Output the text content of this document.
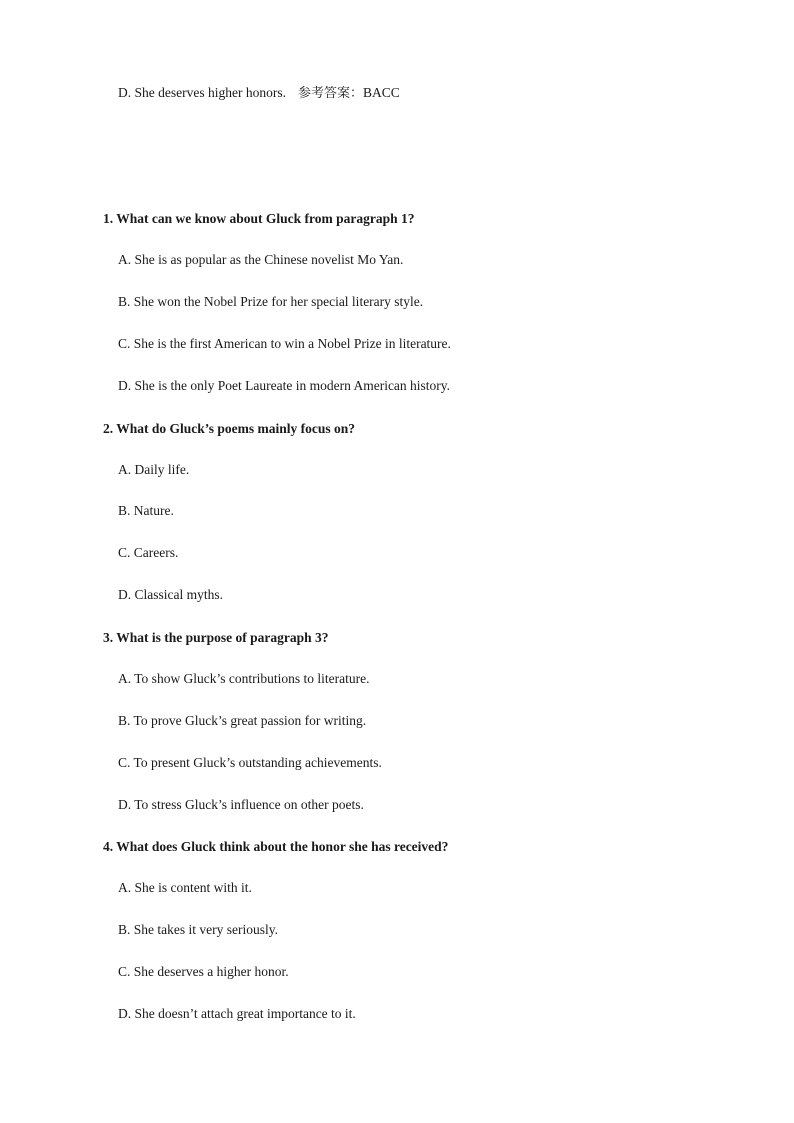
D. She deserves higher honors. 参考答案：BACC
1. What can we know about Gluck from paragraph 1?
A. She is as popular as the Chinese novelist Mo Yan.
B. She won the Nobel Prize for her special literary style.
C. She is the first American to win a Nobel Prize in literature.
D. She is the only Poet Laureate in modern American history.
2. What do Gluck’s poems mainly focus on?
A. Daily life.
B. Nature.
C. Careers.
D. Classical myths.
3. What is the purpose of paragraph 3?
A. To show Gluck’s contributions to literature.
B. To prove Gluck’s great passion for writing.
C. To present Gluck’s outstanding achievements.
D. To stress Gluck’s influence on other poets.
4. What does Gluck think about the honor she has received?
A. She is content with it.
B. She takes it very seriously.
C. She deserves a higher honor.
D. She doesn’t attach great importance to it.
